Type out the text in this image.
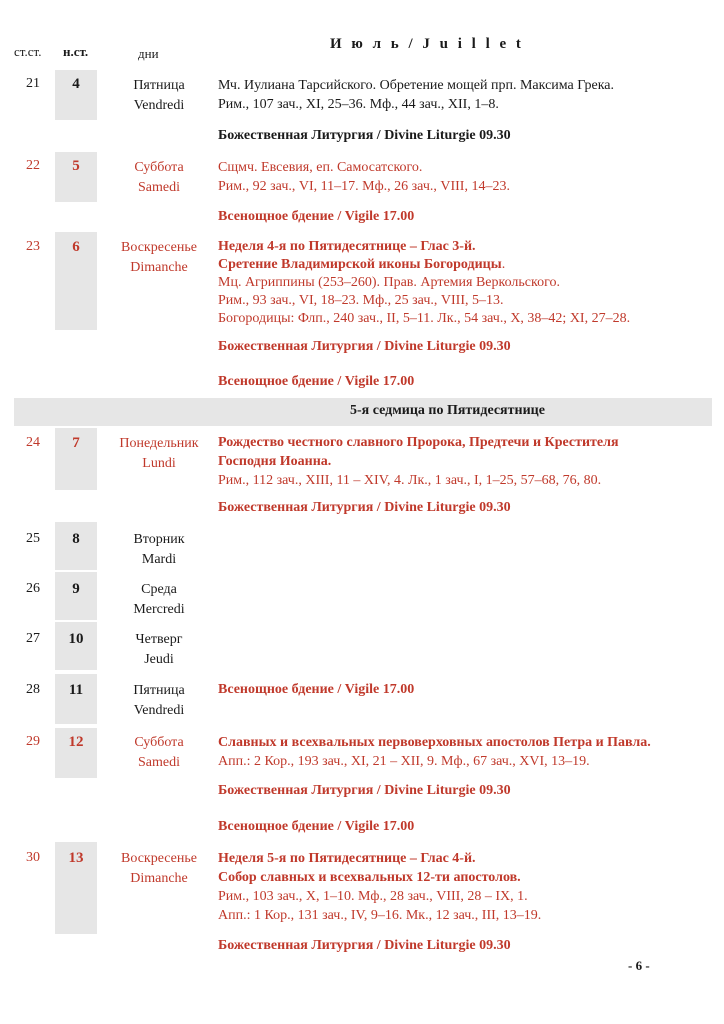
ст.ст. н.ст.	дни
И ю л ь / J u i l l e t
21	4	Пятница
Vendredi
Мч. Иулиана Тарсийского. Обретение мощей прп. Максима Грека.
Рим., 107 зач., XI, 25–36. Мф., 44 зач., XII, 1–8.
Божественная Литургия / Divine Liturgie 09.30
22	5	Суббота
Samedi
Сщмч. Евсевия, еп. Самосатского.
Рим., 92 зач., VI, 11–17. Мф., 26 зач., VIII, 14–23.
Всенощное бдение / Vigile 17.00
23	6	Воскресенье
Dimanche
Неделя 4-я по Пятидесятнице – Глас 3-й.
Сретение Владимирской иконы Богородицы.
Мц. Агриппины (253–260). Прав. Артемия Веркольского.
Рим., 93 зач., VI, 18–23. Мф., 25 зач., VIII, 5–13.
Богородицы: Флп., 240 зач., II, 5–11. Лк., 54 зач., X, 38–42; XI, 27–28.
Божественная Литургия / Divine Liturgie 09.30
Всенощное бдение / Vigile 17.00
5-я седмица по Пятидесятнице
24	7	Понедельник
Lundi
Рождество честного славного Пророка, Предтечи и Крестителя
Господня Иоанна.
Рим., 112 зач., XIII, 11 – XIV, 4. Лк., 1 зач., I, 1–25, 57–68, 76, 80.
Божественная Литургия / Divine Liturgie 09.30
25	8	Вторник
Mardi
26	9	Среда
Mercredi
27	10	Четверг
Jeudi
28	11	Пятница
Vendredi
Всенощное бдение / Vigile 17.00
29	12	Суббота
Samedi
Славных и всехвальных первоверховных апостолов Петра и Павла.
Апп.: 2 Кор., 193 зач., XI, 21 – XII, 9. Мф., 67 зач., XVI, 13–19.
Божественная Литургия / Divine Liturgie 09.30
Всенощное бдение / Vigile 17.00
30	13	Воскресенье
Dimanche
Неделя 5-я по Пятидесятнице – Глас 4-й.
Собор славных и всехвальных 12-ти апостолов.
Рим., 103 зач., X, 1–10. Мф., 28 зач., VIII, 28 – IX, 1.
Апп.: 1 Кор., 131 зач., IV, 9–16. Мк., 12 зач., III, 13–19.
Божественная Литургия / Divine Liturgie 09.30
- 6 -
